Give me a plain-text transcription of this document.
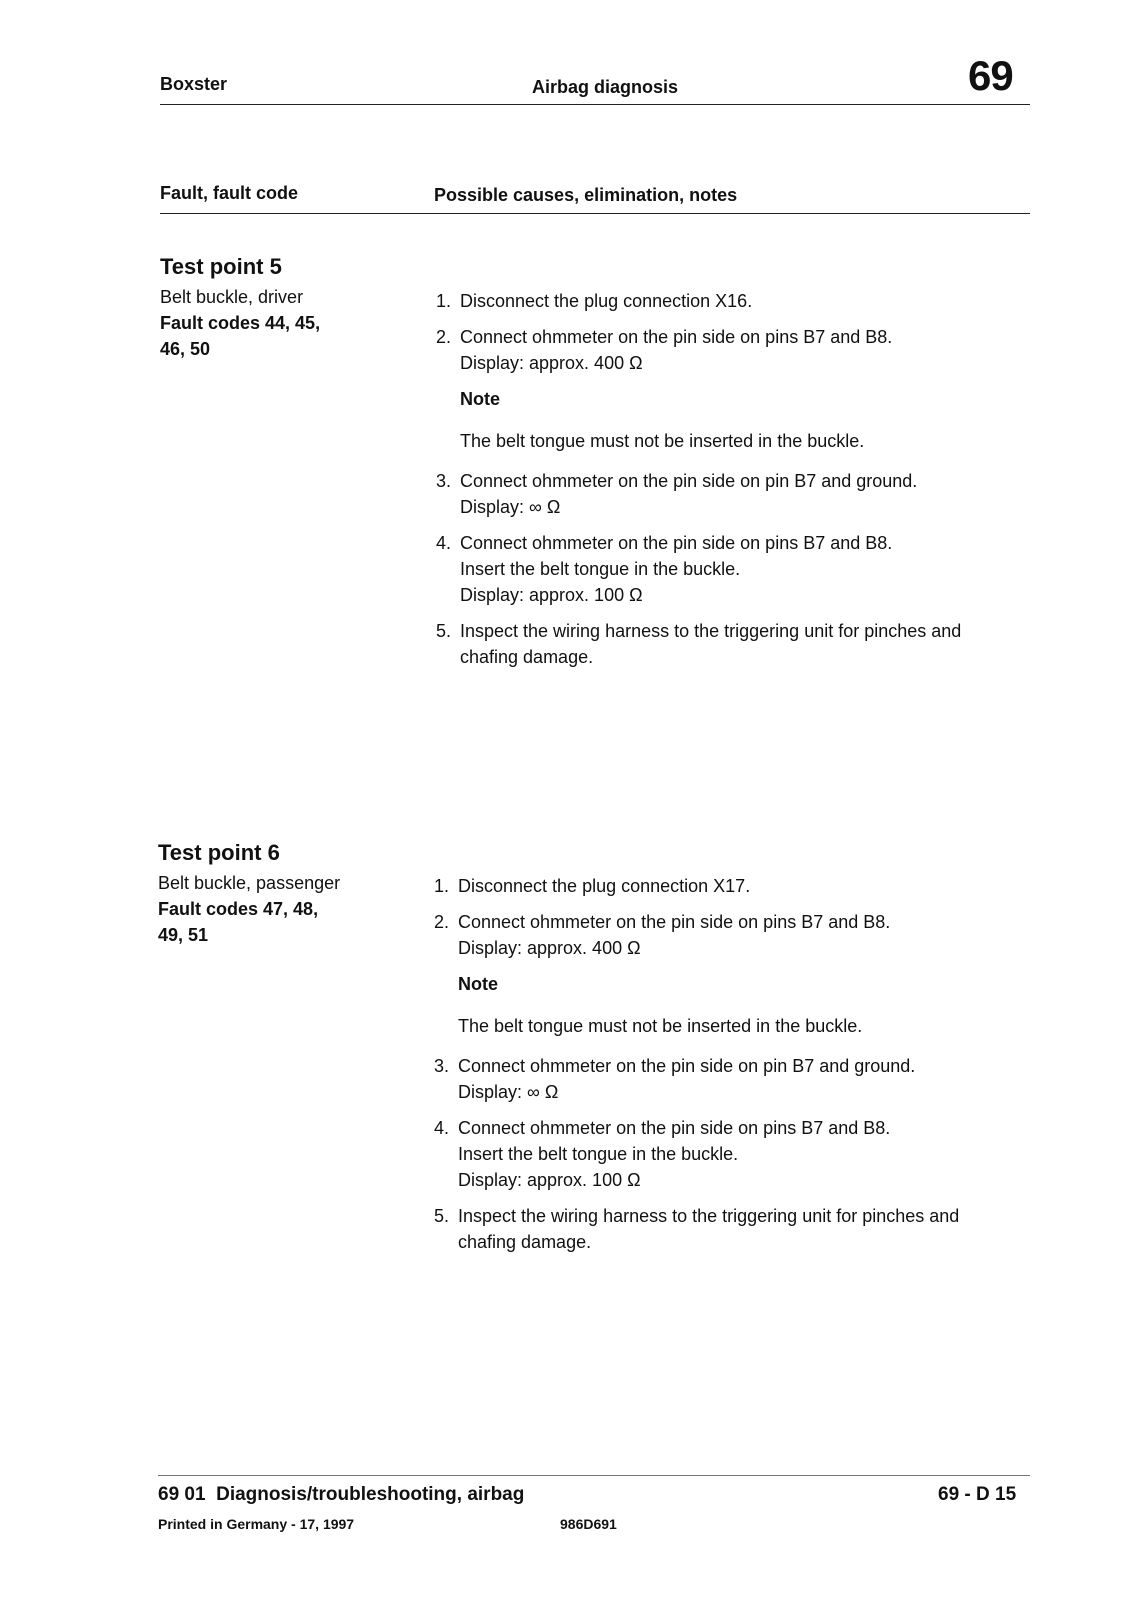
Boxster	Airbag diagnosis	69
Fault, fault code	Possible causes, elimination, notes
Test point 5
Belt buckle, driver
Fault codes 44, 45,
46, 50
1. Disconnect the plug connection X16.
2. Connect ohmmeter on the pin side on pins B7 and B8.
Display: approx. 400 Ω
Note
The belt tongue must not be inserted in the buckle.
3. Connect ohmmeter on the pin side on pin B7 and ground.
Display: ∞ Ω
4. Connect ohmmeter on the pin side on pins B7 and B8.
Insert the belt tongue in the buckle.
Display: approx. 100 Ω
5. Inspect the wiring harness to the triggering unit for pinches and
chafing damage.
Test point 6
Belt buckle, passenger
Fault codes 47, 48,
49, 51
1. Disconnect the plug connection X17.
2. Connect ohmmeter on the pin side on pins B7 and B8.
Display: approx. 400 Ω
Note
The belt tongue must not be inserted in the buckle.
3. Connect ohmmeter on the pin side on pin B7 and ground.
Display: ∞ Ω
4. Connect ohmmeter on the pin side on pins B7 and B8.
Insert the belt tongue in the buckle.
Display: approx. 100 Ω
5. Inspect the wiring harness to the triggering unit for pinches and
chafing damage.
69 01  Diagnosis/troubleshooting, airbag	69 - D 15
Printed in Germany - 17, 1997	986D691
